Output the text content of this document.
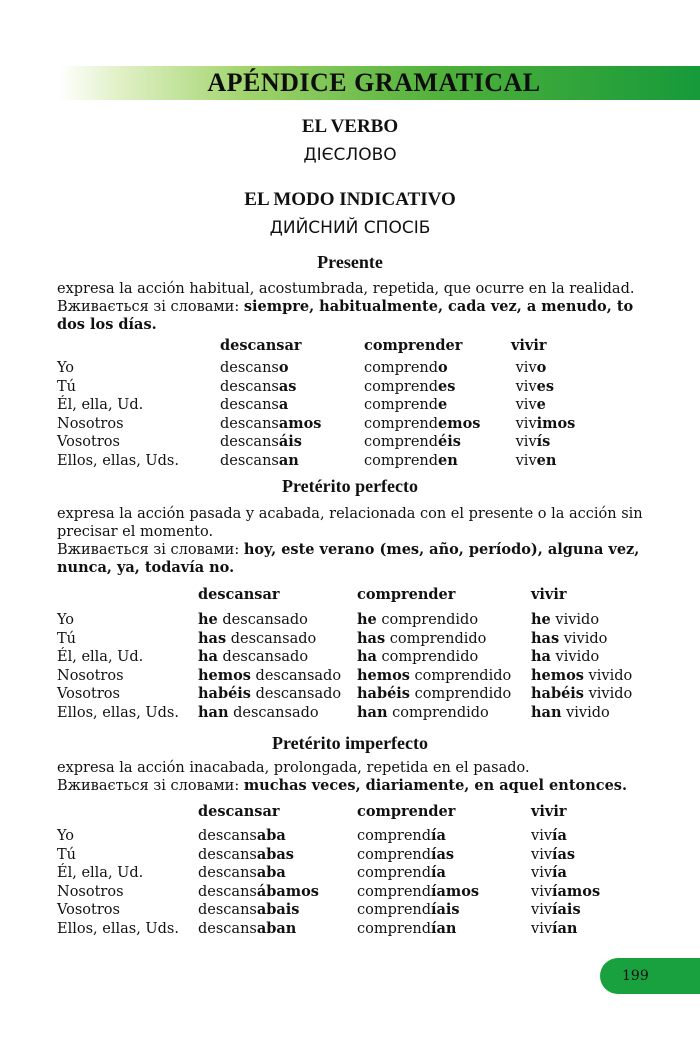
APÉNDICE GRAMATICAL
EL VERBO
ДІЄСЛОВО
EL MODO INDICATIVO
ДИЙСНИЙ СПОСІБ
Presente

expresa la acción habitual, acostumbrada, repetida, que ocurre en la realidad.
Вживається зі словами: siempre, habitualmente, cada vez, a menudo, to dos los días.

	descansar	comprender	vivir
Yo	descanso	comprendo	vivo
Tú	descansas	comprendes	vives
Él, ella, Ud.	descansa	comprende	vive
Nosotros	descansamos	comprendemos	vivimos
Vosotros	descansáis	comprendéis	vivís
Ellos, ellas, Uds.	descansan	comprenden	viven
Pretérito perfecto

expresa la acción pasada y acabada, relacionada con el presente o la acción sin precisar el momento.
Вживається зі словами: hoy, este verano (mes, año, período), alguna vez, nunca, ya, todavía no.

	descansar	comprender	vivir
Yo	he descansado	he comprendido	he vivido
Tú	has descansado	has comprendido	has vivido
Él, ella, Ud.	ha descansado	ha comprendido	ha vivido
Nosotros	hemos descansado	hemos comprendido	hemos vivido
Vosotros	habéis descansado	habéis comprendido	habéis vivido
Ellos, ellas, Uds.	han descansado	han comprendido	han vivido
Pretérito imperfecto

expresa la acción inacabada, prolongada, repetida en el pasado.
Вживається зі словами: muchas veces, diariamente, en aquel entonces.

	descansar	comprender	vivir
Yo	descansaba	comprendía	vivía
Tú	descansabas	comprendías	vivías
Él, ella, Ud.	descansaba	comprendía	vivía
Nosotros	descansábamos	comprendíamos	vivíamos
Vosotros	descansabais	comprendíais	vivíais
Ellos, ellas, Uds.	descansaban	comprendían	vivían
199
